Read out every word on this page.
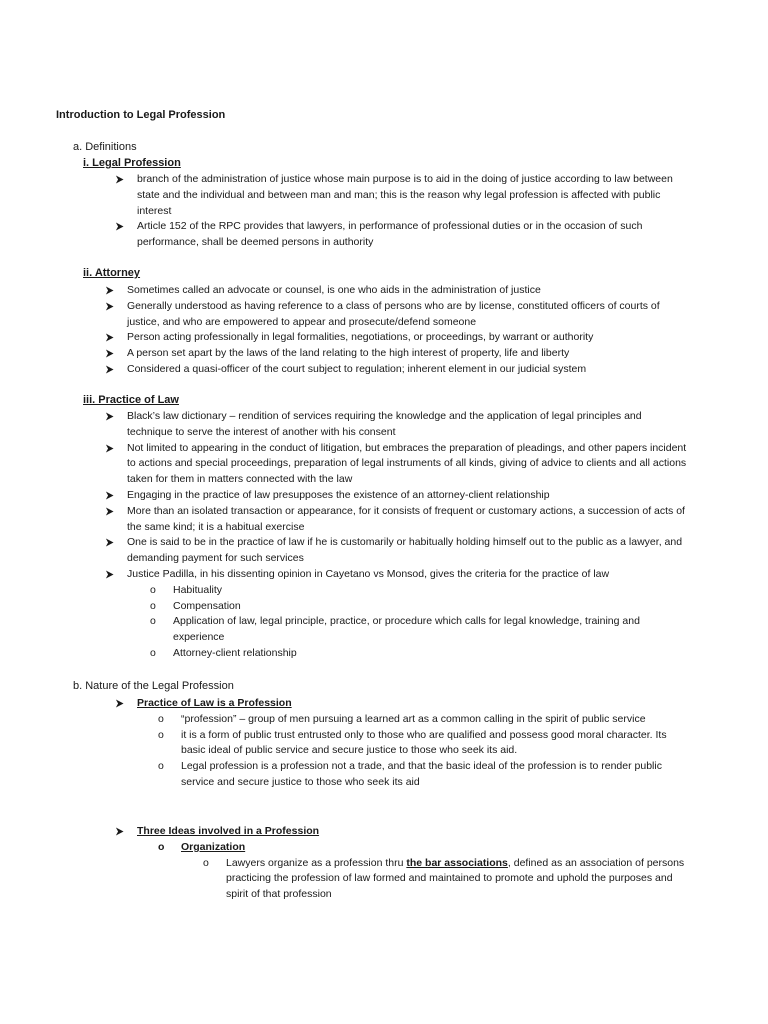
Introduction to Legal Profession
a. Definitions
i. Legal Profession
branch of the administration of justice whose main purpose is to aid in the doing of justice according to law between state and the individual and between man and man; this is the reason why legal profession is affected with public interest
Article 152 of the RPC provides that lawyers, in performance of professional duties or in the occasion of such performance, shall be deemed persons in authority
ii. Attorney
Sometimes called an advocate or counsel, is one who aids in the administration of justice
Generally understood as having reference to a class of persons who are by license, constituted officers of courts of justice, and who are empowered to appear and prosecute/defend someone
Person acting professionally in legal formalities, negotiations, or proceedings, by warrant or authority
A person set apart by the laws of the land relating to the high interest of property, life and liberty
Considered a quasi-officer of the court subject to regulation; inherent element in our judicial system
iii. Practice of Law
Black’s law dictionary – rendition of services requiring the knowledge and the application of legal principles and technique to serve the interest of another with his consent
Not limited to appearing in the conduct of litigation, but embraces the preparation of pleadings, and other papers incident to actions and special proceedings, preparation of legal instruments of all kinds, giving of advice to clients and all actions taken for them in matters connected with the law
Engaging in the practice of law presupposes the existence of an attorney-client relationship
More than an isolated transaction or appearance, for it consists of frequent or customary actions, a succession of acts of the same kind; it is a habitual exercise
One is said to be in the practice of law if he is customarily or habitually holding himself out to the public as a lawyer, and demanding payment for such services
Justice Padilla, in his dissenting opinion in Cayetano vs Monsod, gives the criteria for the practice of law
o Habituality
o Compensation
o Application of law, legal principle, practice, or procedure which calls for legal knowledge, training and experience
o Attorney-client relationship
b. Nature of the Legal Profession
Practice of Law is a Profession
o “profession” – group of men pursuing a learned art as a common calling in the spirit of public service
o it is a form of public trust entrusted only to those who are qualified and possess good moral character. Its basic ideal of public service and secure justice to those who seek its aid.
o Legal profession is a profession not a trade, and that the basic ideal of the profession is to render public service and secure justice to those who seek its aid
Three Ideas involved in a Profession
o Organization
o Lawyers organize as a profession thru the bar associations, defined as an association of persons practicing the profession of law formed and maintained to promote and uphold the purposes and spirit of that profession
